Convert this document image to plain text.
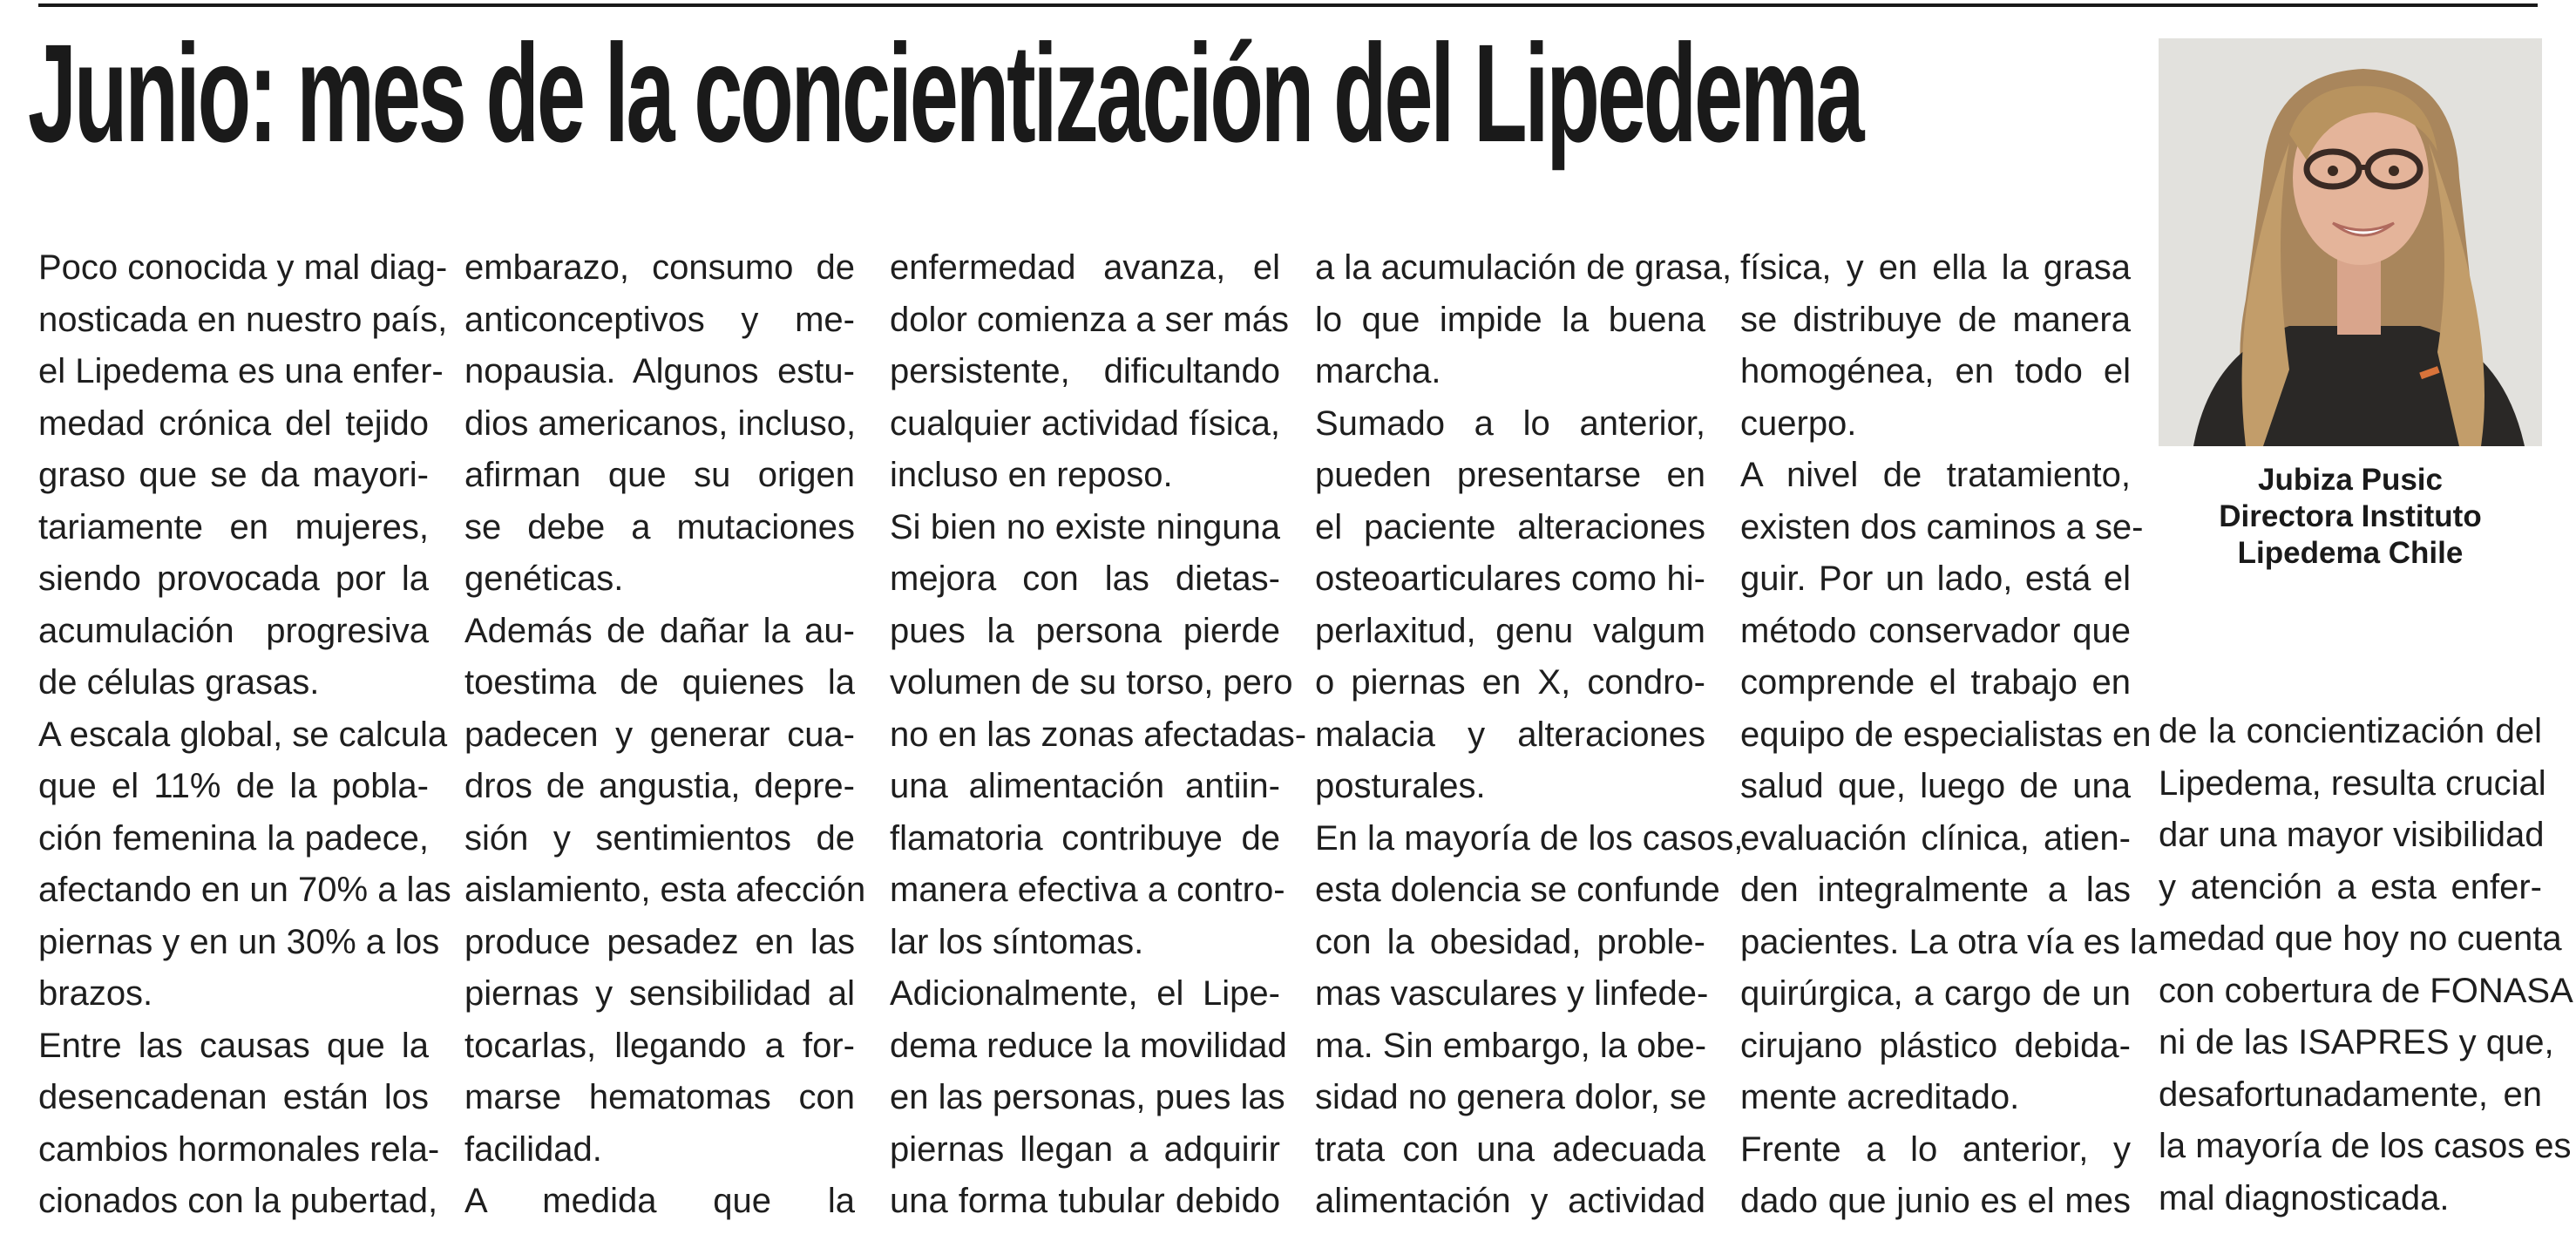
Junio: mes de la concientización del Lipedema
Poco conocida y mal diag-
nosticada en nuestro país,
el Lipedema es una enfer-
medad crónica del tejido
graso que se da mayori-
tariamente en mujeres,
siendo provocada por la
acumulación progresiva
de células grasas.
A escala global, se calcula
que el 11% de la pobla-
ción femenina la padece,
afectando en un 70% a las
piernas y en un 30% a los
brazos.
Entre las causas que la
desencadenan están los
cambios hormonales rela-
cionados con la pubertad,
embarazo, consumo de
anticonceptivos y me-
nopausia. Algunos estu-
dios americanos, incluso,
afirman que su origen
se debe a mutaciones
genéticas.
Además de dañar la au-
toestima de quienes la
padecen y generar cua-
dros de angustia, depre-
sión y sentimientos de
aislamiento, esta afección
produce pesadez en las
piernas y sensibilidad al
tocarlas, llegando a for-
marse hematomas con
facilidad.
A medida que la
enfermedad avanza, el
dolor comienza a ser más
persistente, dificultando
cualquier actividad física,
incluso en reposo.
Si bien no existe ninguna
mejora con las dietas-
pues la persona pierde
volumen de su torso, pero
no en las zonas afectadas-
una alimentación antiin-
flamatoria contribuye de
manera efectiva a contro-
lar los síntomas.
Adicionalmente, el Lipe-
dema reduce la movilidad
en las personas, pues las
piernas llegan a adquirir
una forma tubular debido
a la acumulación de grasa,
lo que impide la buena
marcha.
Sumado a lo anterior,
pueden presentarse en
el paciente alteraciones
osteoarticulares como hi-
perlaxitud, genu valgum
o piernas en X, condro-
malacia y alteraciones
posturales.
En la mayoría de los casos,
esta dolencia se confunde
con la obesidad, proble-
mas vasculares y linfede-
ma. Sin embargo, la obe-
sidad no genera dolor, se
trata con una adecuada
alimentación y actividad
física, y en ella la grasa
se distribuye de manera
homogénea, en todo el
cuerpo.
A nivel de tratamiento,
existen dos caminos a se-
guir. Por un lado, está el
método conservador que
comprende el trabajo en
equipo de especialistas en
salud que, luego de una
evaluación clínica, atien-
den integralmente a las
pacientes. La otra vía es la
quirúrgica, a cargo de un
cirujano plástico debida-
mente acreditado.
Frente a lo anterior, y
dado que junio es el mes
Jubiza Pusic
Directora Instituto
Lipedema Chile
de la concientización del
Lipedema, resulta crucial
dar una mayor visibilidad
y atención a esta enfer-
medad que hoy no cuenta
con cobertura de FONASA
ni de las ISAPRES y que,
desafortunadamente, en
la mayoría de los casos es
mal diagnosticada.
